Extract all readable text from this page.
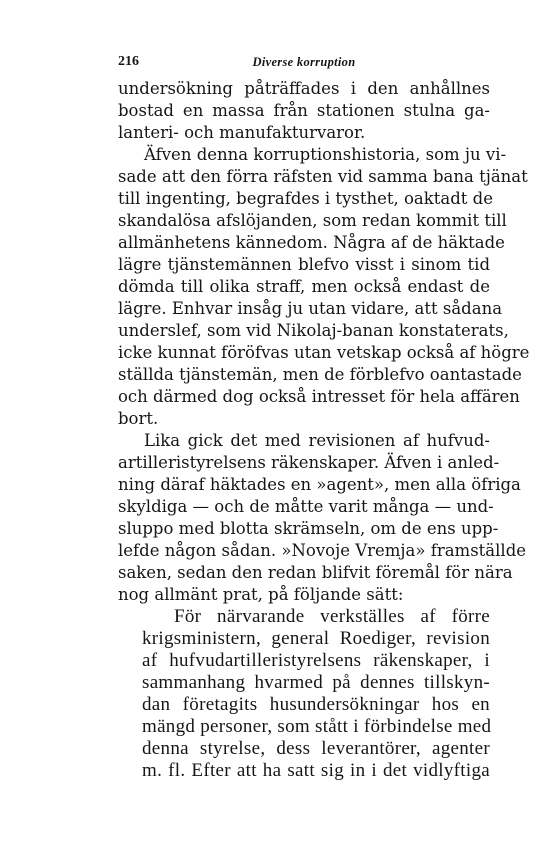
216	Diverse korruption
undersökning påträffades i den anhållnes
bostad en massa från stationen stulna ga-
lanteri- och manufakturvaror.
Äfven denna korruptionshistoria, som ju vi-
sade att den förra räfsten vid samma bana tjänat
till ingenting, begrafdes i tysthet, oaktadt de
skandalösa afslöjanden, som redan kommit till
allmänhetens kännedom. Några af de häktade
lägre tjänstemännen blefvo visst i sinom tid
dömda till olika straff, men också endast de
lägre. Enhvar insåg ju utan vidare, att sådana
underslef, som vid Nikolaj-banan konstaterats,
icke kunnat föröfvas utan vetskap också af högre
ställda tjänstemän, men de förblefvo oantastade
och därmed dog också intresset för hela affären
bort.
Lika gick det med revisionen af hufvud-
artilleristyrelsens räkenskaper. Äfven i anled-
ning däraf häktades en »agent», men alla öfriga
skyldiga — och de måtte varit många — und-
sluppo med blotta skrämseln, om de ens upp-
lefde någon sådan. »Novoje Vremja» framställde
saken, sedan den redan blifvit föremål för nära
nog allmänt prat, på följande sätt:
För närvarande verkställes af förre
krigsministern, general Roediger, revision
af hufvudartilleristyrelsens räkenskaper, i
sammanhang hvarmed på dennes tillskyn-
dan företagits husundersökningar hos en
mängd personer, som stått i förbindelse med
denna styrelse, dess leverantörer, agenter
m. fl. Efter att ha satt sig in i det vidlyftiga
